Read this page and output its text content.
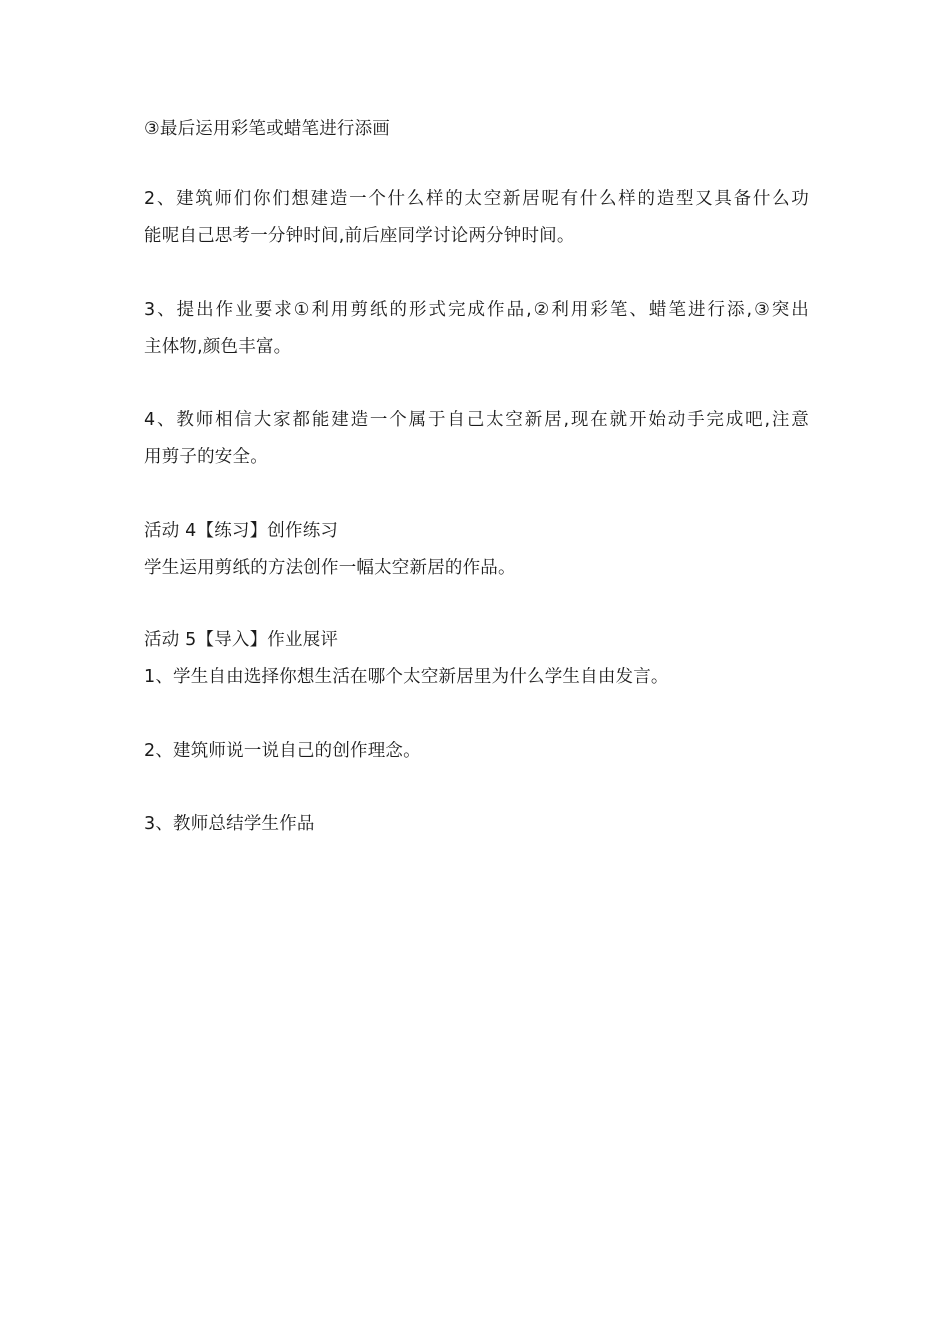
③最后运用彩笔或蜡笔进行添画

2、建筑师们你们想建造一个什么样的太空新居呢有什么样的造型又具备什么功
能呢自己思考一分钟时间,前后座同学讨论两分钟时间。

3、提出作业要求①利用剪纸的形式完成作品,②利用彩笔、蜡笔进行添,③突出
主体物,颜色丰富。

4、教师相信大家都能建造一个属于自己太空新居,现在就开始动手完成吧,注意
用剪子的安全。

活动 4【练习】创作练习
学生运用剪纸的方法创作一幅太空新居的作品。

活动 5【导入】作业展评
1、学生自由选择你想生活在哪个太空新居里为什么学生自由发言。

2、建筑师说一说自己的创作理念。

3、教师总结学生作品
